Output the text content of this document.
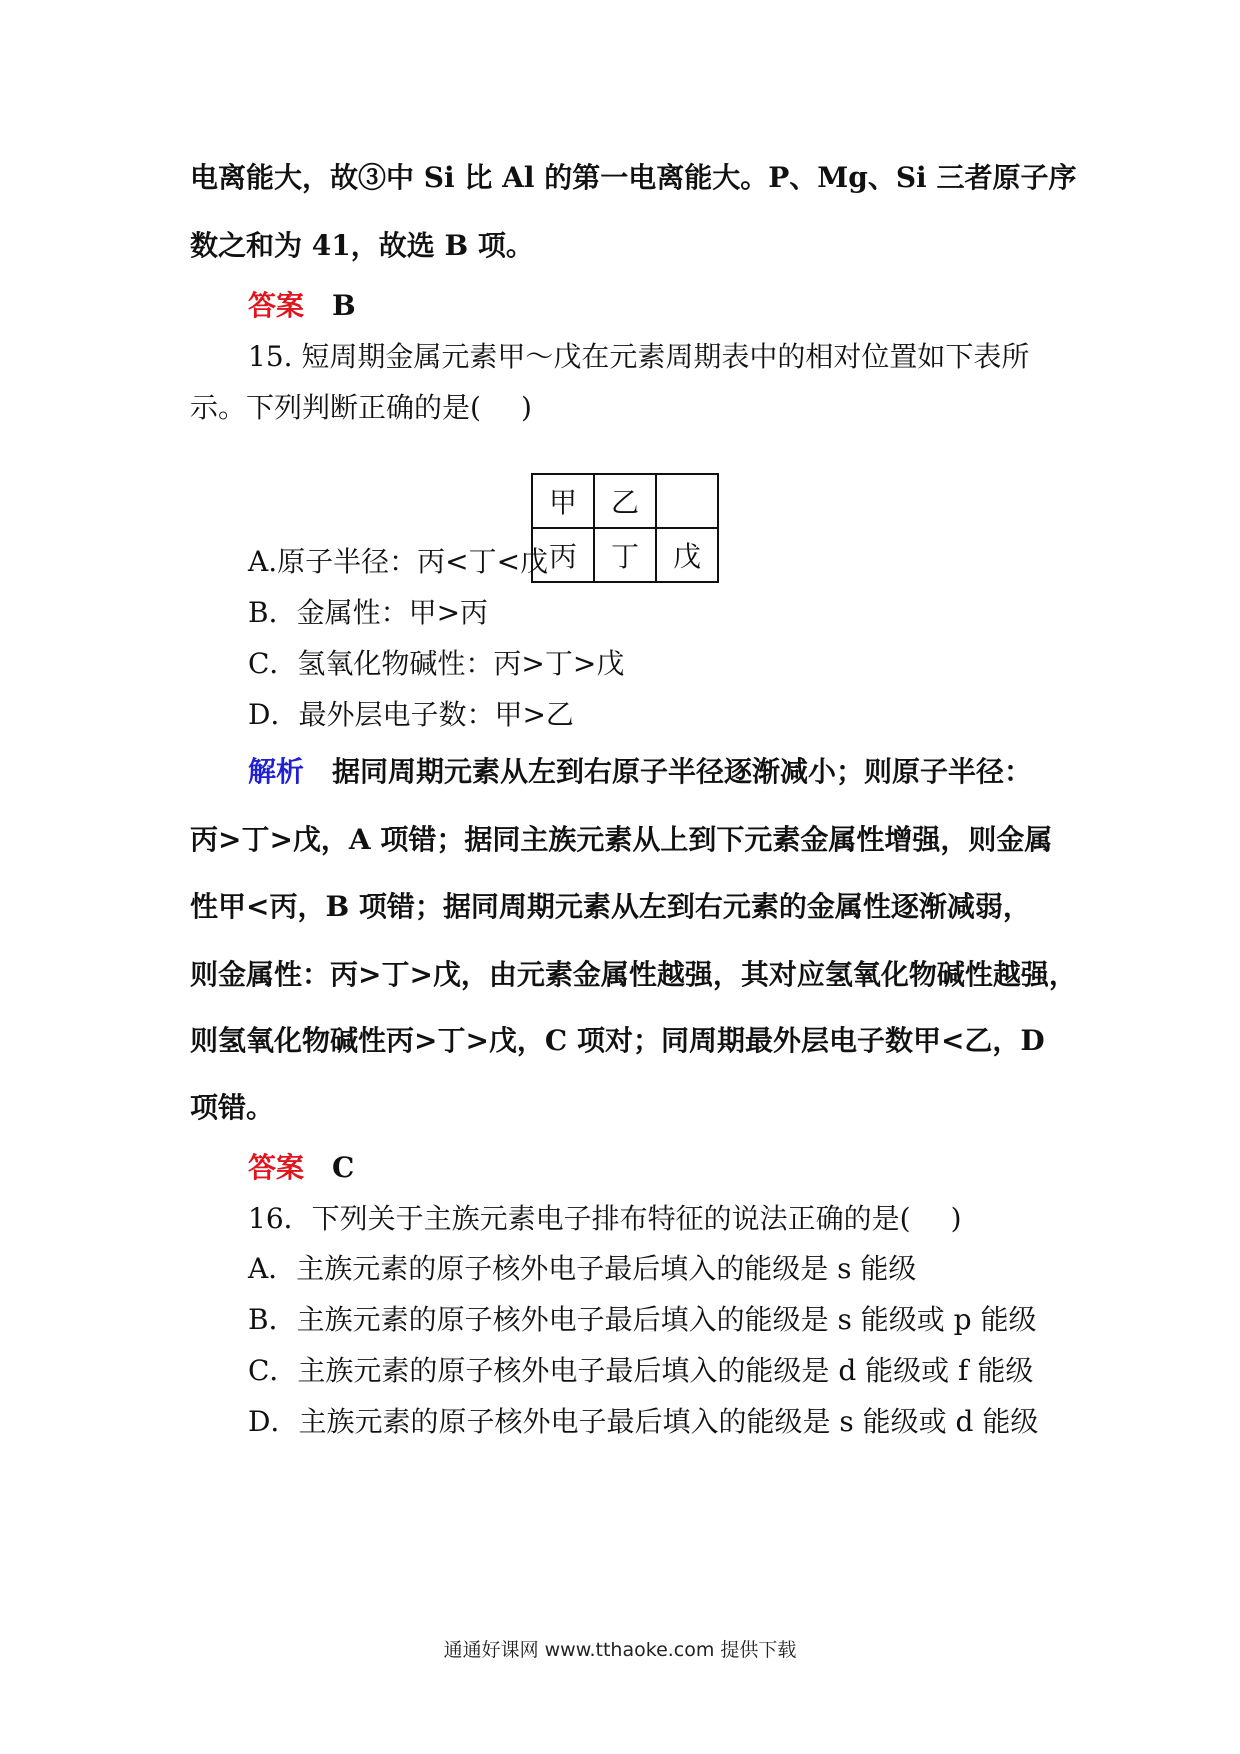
电离能大，故③中 Si 比 Al 的第一电离能大。P、Mg、Si 三者原子序
数之和为 41，故选 B 项。
答案 B
15. 短周期金属元素甲～戊在元素周期表中的相对位置如下表所
示。下列判断正确的是( )
甲	乙	
丙	丁	戊
A.原子半径：丙<丁<戊
B．金属性：甲>丙
C．氢氧化物碱性：丙>丁>戊
D．最外层电子数：甲>乙
解析 据同周期元素从左到右原子半径逐渐减小；则原子半径：
丙>丁>戊，A 项错；据同主族元素从上到下元素金属性增强，则金属
性甲<丙，B 项错；据同周期元素从左到右元素的金属性逐渐减弱，
则金属性：丙>丁>戊，由元素金属性越强，其对应氢氧化物碱性越强，
则氢氧化物碱性丙>丁>戊，C 项对；同周期最外层电子数甲<乙，D
项错。
答案 C
16．下列关于主族元素电子排布特征的说法正确的是( )
A．主族元素的原子核外电子最后填入的能级是 s 能级
B．主族元素的原子核外电子最后填入的能级是 s 能级或 p 能级
C．主族元素的原子核外电子最后填入的能级是 d 能级或 f 能级
D．主族元素的原子核外电子最后填入的能级是 s 能级或 d 能级
通通好课网 www.tthaoke.com 提供下载
